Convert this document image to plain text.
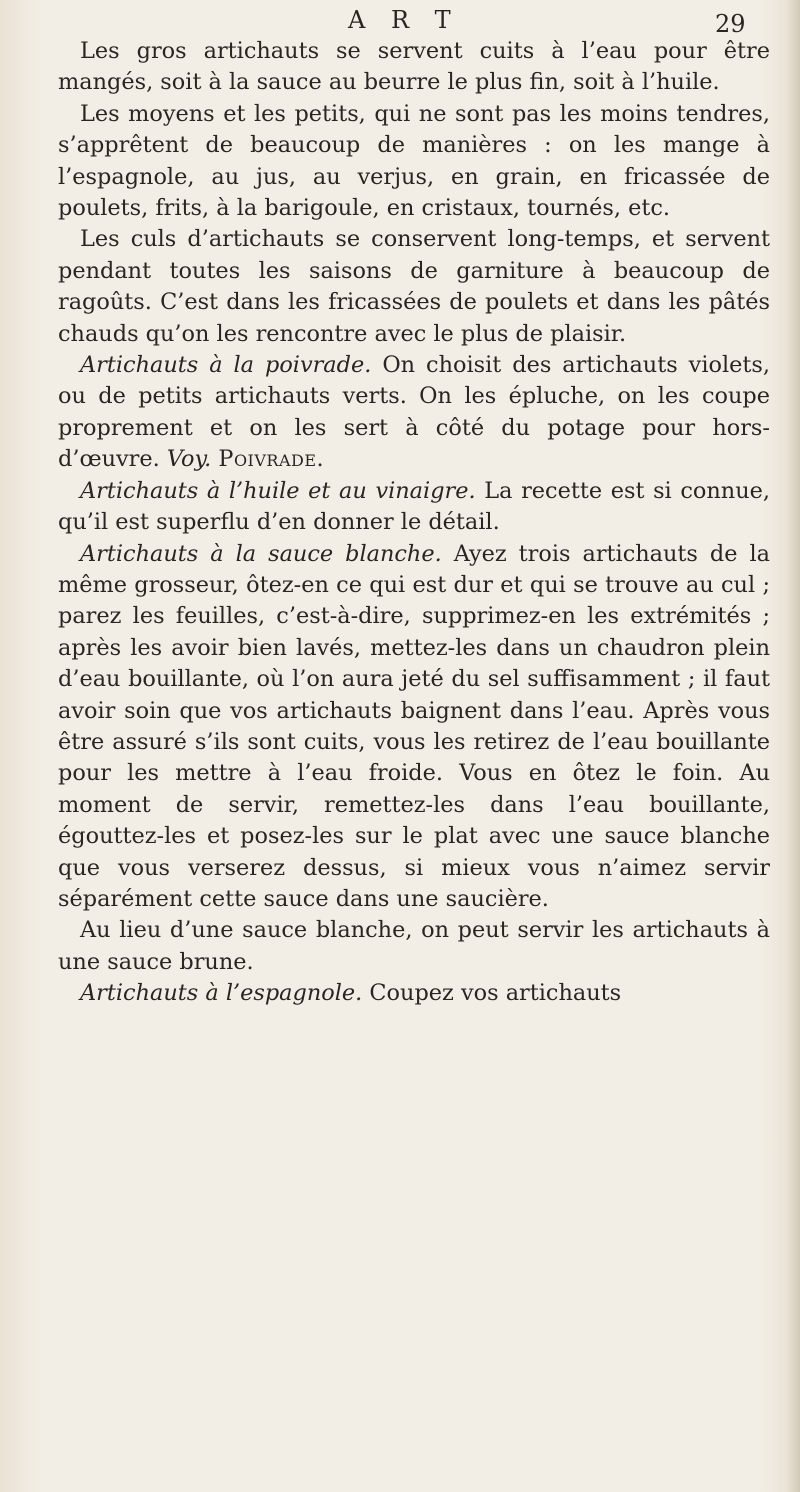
A R T	29

Les gros artichauts se servent cuits à l’eau pour être mangés, soit à la sauce au beurre le plus fin, soit à l’huile.

Les moyens et les petits, qui ne sont pas les moins tendres, s’apprêtent de beaucoup de manières : on les mange à l’espagnole, au jus, au verjus, en grain, en fricassée de poulets, frits, à la barigoule, en cristaux, tournés, etc.

Les culs d’artichauts se conservent long-temps, et servent pendant toutes les saisons de garniture à beaucoup de ragoûts. C’est dans les fricassées de poulets et dans les pâtés chauds qu’on les rencontre avec le plus de plaisir.

Artichauts à la poivrade. On choisit des artichauts violets, ou de petits artichauts verts. On les épluche, on les coupe proprement et on les sert à côté du potage pour hors-d’œuvre. Voy. Poivrade.

Artichauts à l’huile et au vinaigre. La recette est si connue, qu’il est superflu d’en donner le détail.

Artichauts à la sauce blanche. Ayez trois artichauts de la même grosseur, ôtez-en ce qui est dur et qui se trouve au cul ; parez les feuilles, c’est-à-dire, supprimez-en les extrémités ; après les avoir bien lavés, mettez-les dans un chaudron plein d’eau bouillante, où l’on aura jeté du sel suffisamment ; il faut avoir soin que vos artichauts baignent dans l’eau. Après vous être assuré s’ils sont cuits, vous les retirez de l’eau bouillante pour les mettre à l’eau froide. Vous en ôtez le foin. Au moment de servir, remettez-les dans l’eau bouillante, égouttez-les et posez-les sur le plat avec une sauce blanche que vous verserez dessus, si mieux vous n’aimez servir séparément cette sauce dans une saucière.

Au lieu d’une sauce blanche, on peut servir les artichauts à une sauce brune.

Artichauts à l’espagnole. Coupez vos artichauts
